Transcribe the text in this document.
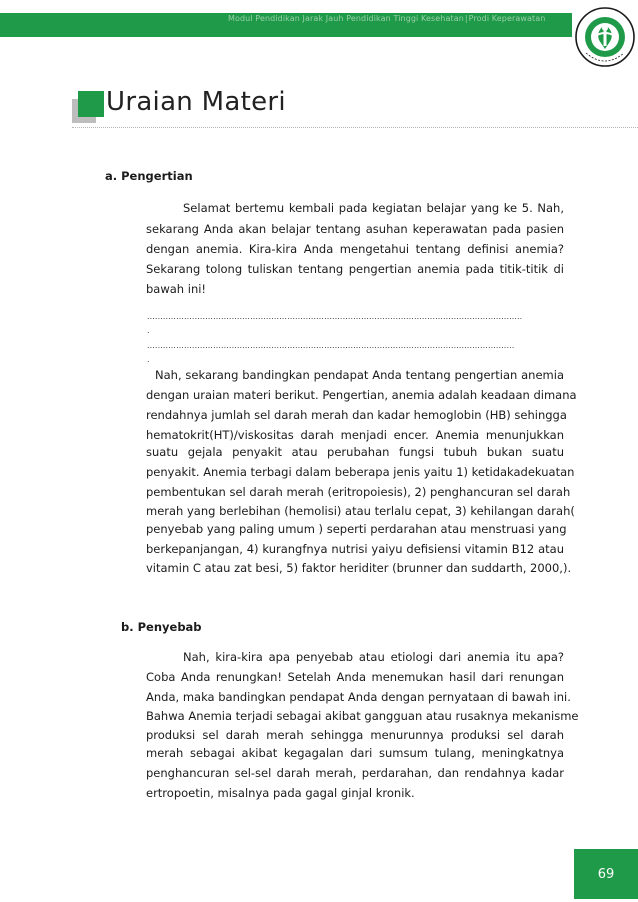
Modul Pendidikan Jarak Jauh Pendidikan Tinggi Kesehatan|Prodi Keperawatan
Uraian Materi
a. Pengertian

Selamat bertemu kembali pada kegiatan belajar yang ke 5. Nah,

sekarang Anda akan belajar tentang asuhan keperawatan pada pasien

dengan anemia. Kira-kira Anda mengetahui tentang definisi anemia?

Sekarang tolong tuliskan tentang pengertian anemia pada titik-titik di

bawah ini!

..............................................................................................................................................
.
...........................................................................................................................................
.

Nah, sekarang bandingkan pendapat Anda tentang pengertian anemia

dengan uraian materi berikut. Pengertian, anemia adalah keadaan dimana

rendahnya jumlah sel darah merah dan kadar hemoglobin (HB) sehingga

hematokrit(HT)/viskositas darah menjadi encer. Anemia menunjukkan

suatu gejala penyakit atau perubahan fungsi tubuh bukan suatu

penyakit. Anemia terbagi dalam beberapa jenis yaitu 1) ketidakadekuatan

pembentukan sel darah merah (eritropoiesis), 2) penghancuran sel darah

merah yang berlebihan (hemolisi) atau terlalu cepat, 3) kehilangan darah(

penyebab yang paling umum ) seperti perdarahan atau menstruasi yang

berkepanjangan, 4) kurangfnya nutrisi yaiyu defisiensi vitamin B12 atau

vitamin C atau zat besi, 5) faktor heriditer (brunner dan suddarth, 2000,).

b. Penyebab

Nah, kira-kira apa penyebab atau etiologi dari anemia itu apa?

Coba Anda renungkan! Setelah Anda menemukan hasil dari renungan

Anda, maka bandingkan pendapat Anda dengan pernyataan di bawah ini.

Bahwa Anemia terjadi sebagai akibat gangguan atau rusaknya mekanisme

produksi sel darah merah sehingga menurunnya produksi sel darah

merah sebagai akibat kegagalan dari sumsum tulang, meningkatnya

penghancuran sel-sel darah merah, perdarahan, dan rendahnya kadar

ertropoetin, misalnya pada gagal ginjal kronik.

69
